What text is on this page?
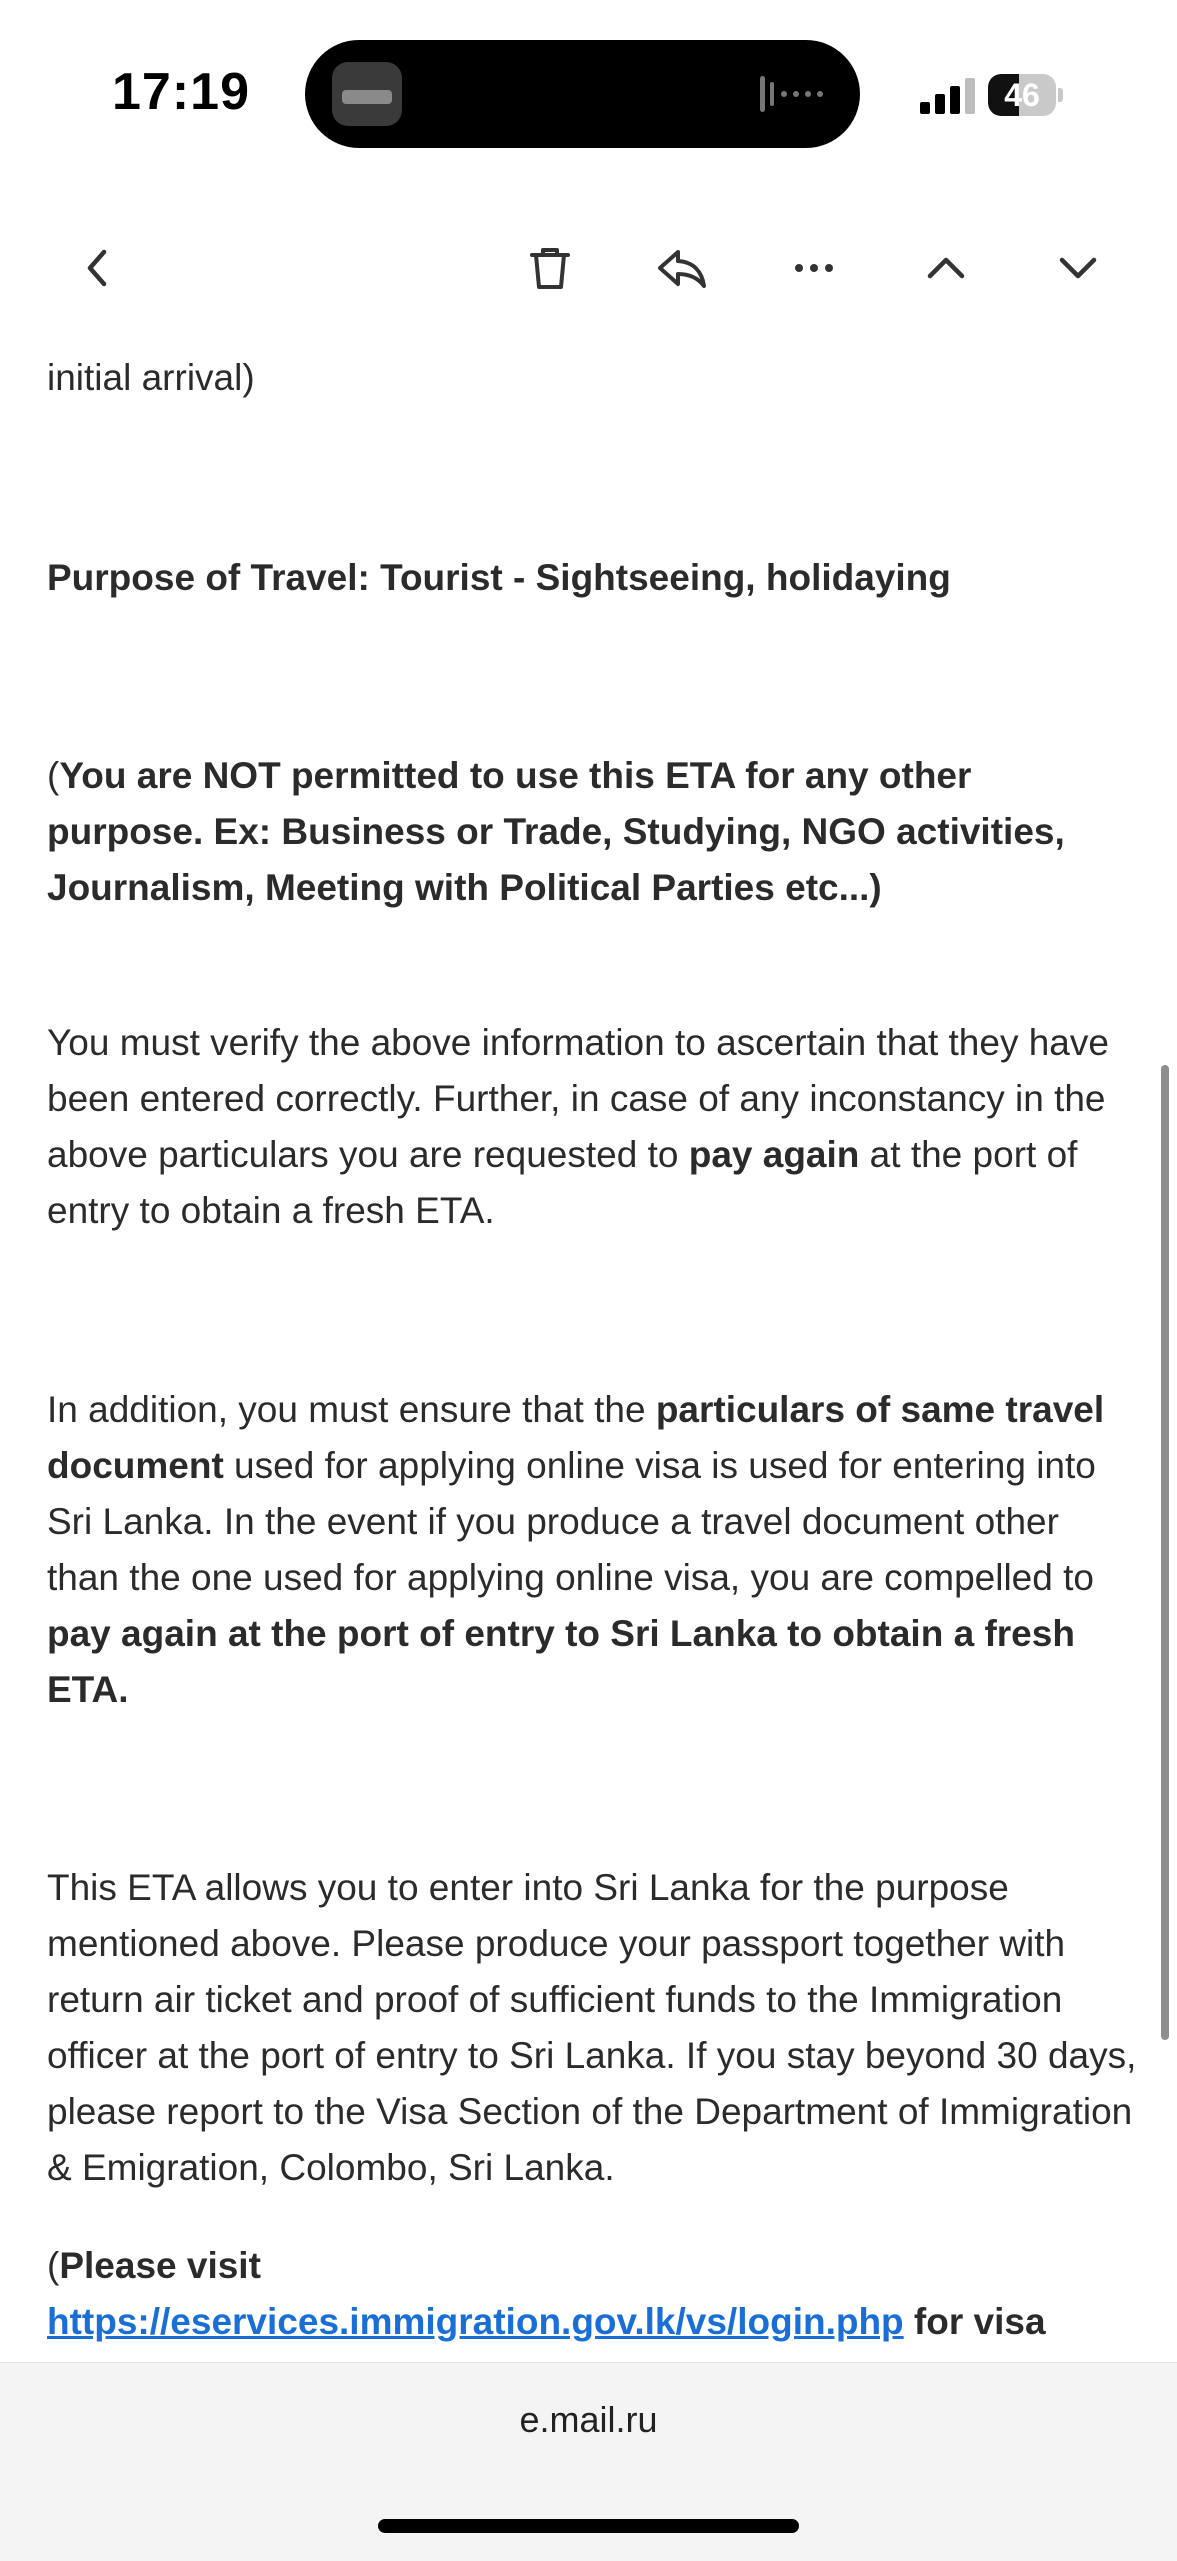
17:19	46

initial arrival)

Purpose of Travel: Tourist - Sightseeing, holidaying

(You are NOT permitted to use this ETA for any other purpose. Ex: Business or Trade, Studying, NGO activities, Journalism, Meeting with Political Parties etc...)

You must verify the above information to ascertain that they have been entered correctly. Further, in case of any inconstancy in the above particulars you are requested to pay again at the port of entry to obtain a fresh ETA.

In addition, you must ensure that the particulars of same travel document used for applying online visa is used for entering into Sri Lanka. In the event if you produce a travel document other than the one used for applying online visa, you are compelled to pay again at the port of entry to Sri Lanka to obtain a fresh ETA.

This ETA allows you to enter into Sri Lanka for the purpose mentioned above. Please produce your passport together with return air ticket and proof of sufficient funds to the Immigration officer at the port of entry to Sri Lanka. If you stay beyond 30 days, please report to the Visa Section of the Department of Immigration & Emigration, Colombo, Sri Lanka.

(Please visit
https://eservices.immigration.gov.lk/vs/login.php for visa

e.mail.ru
